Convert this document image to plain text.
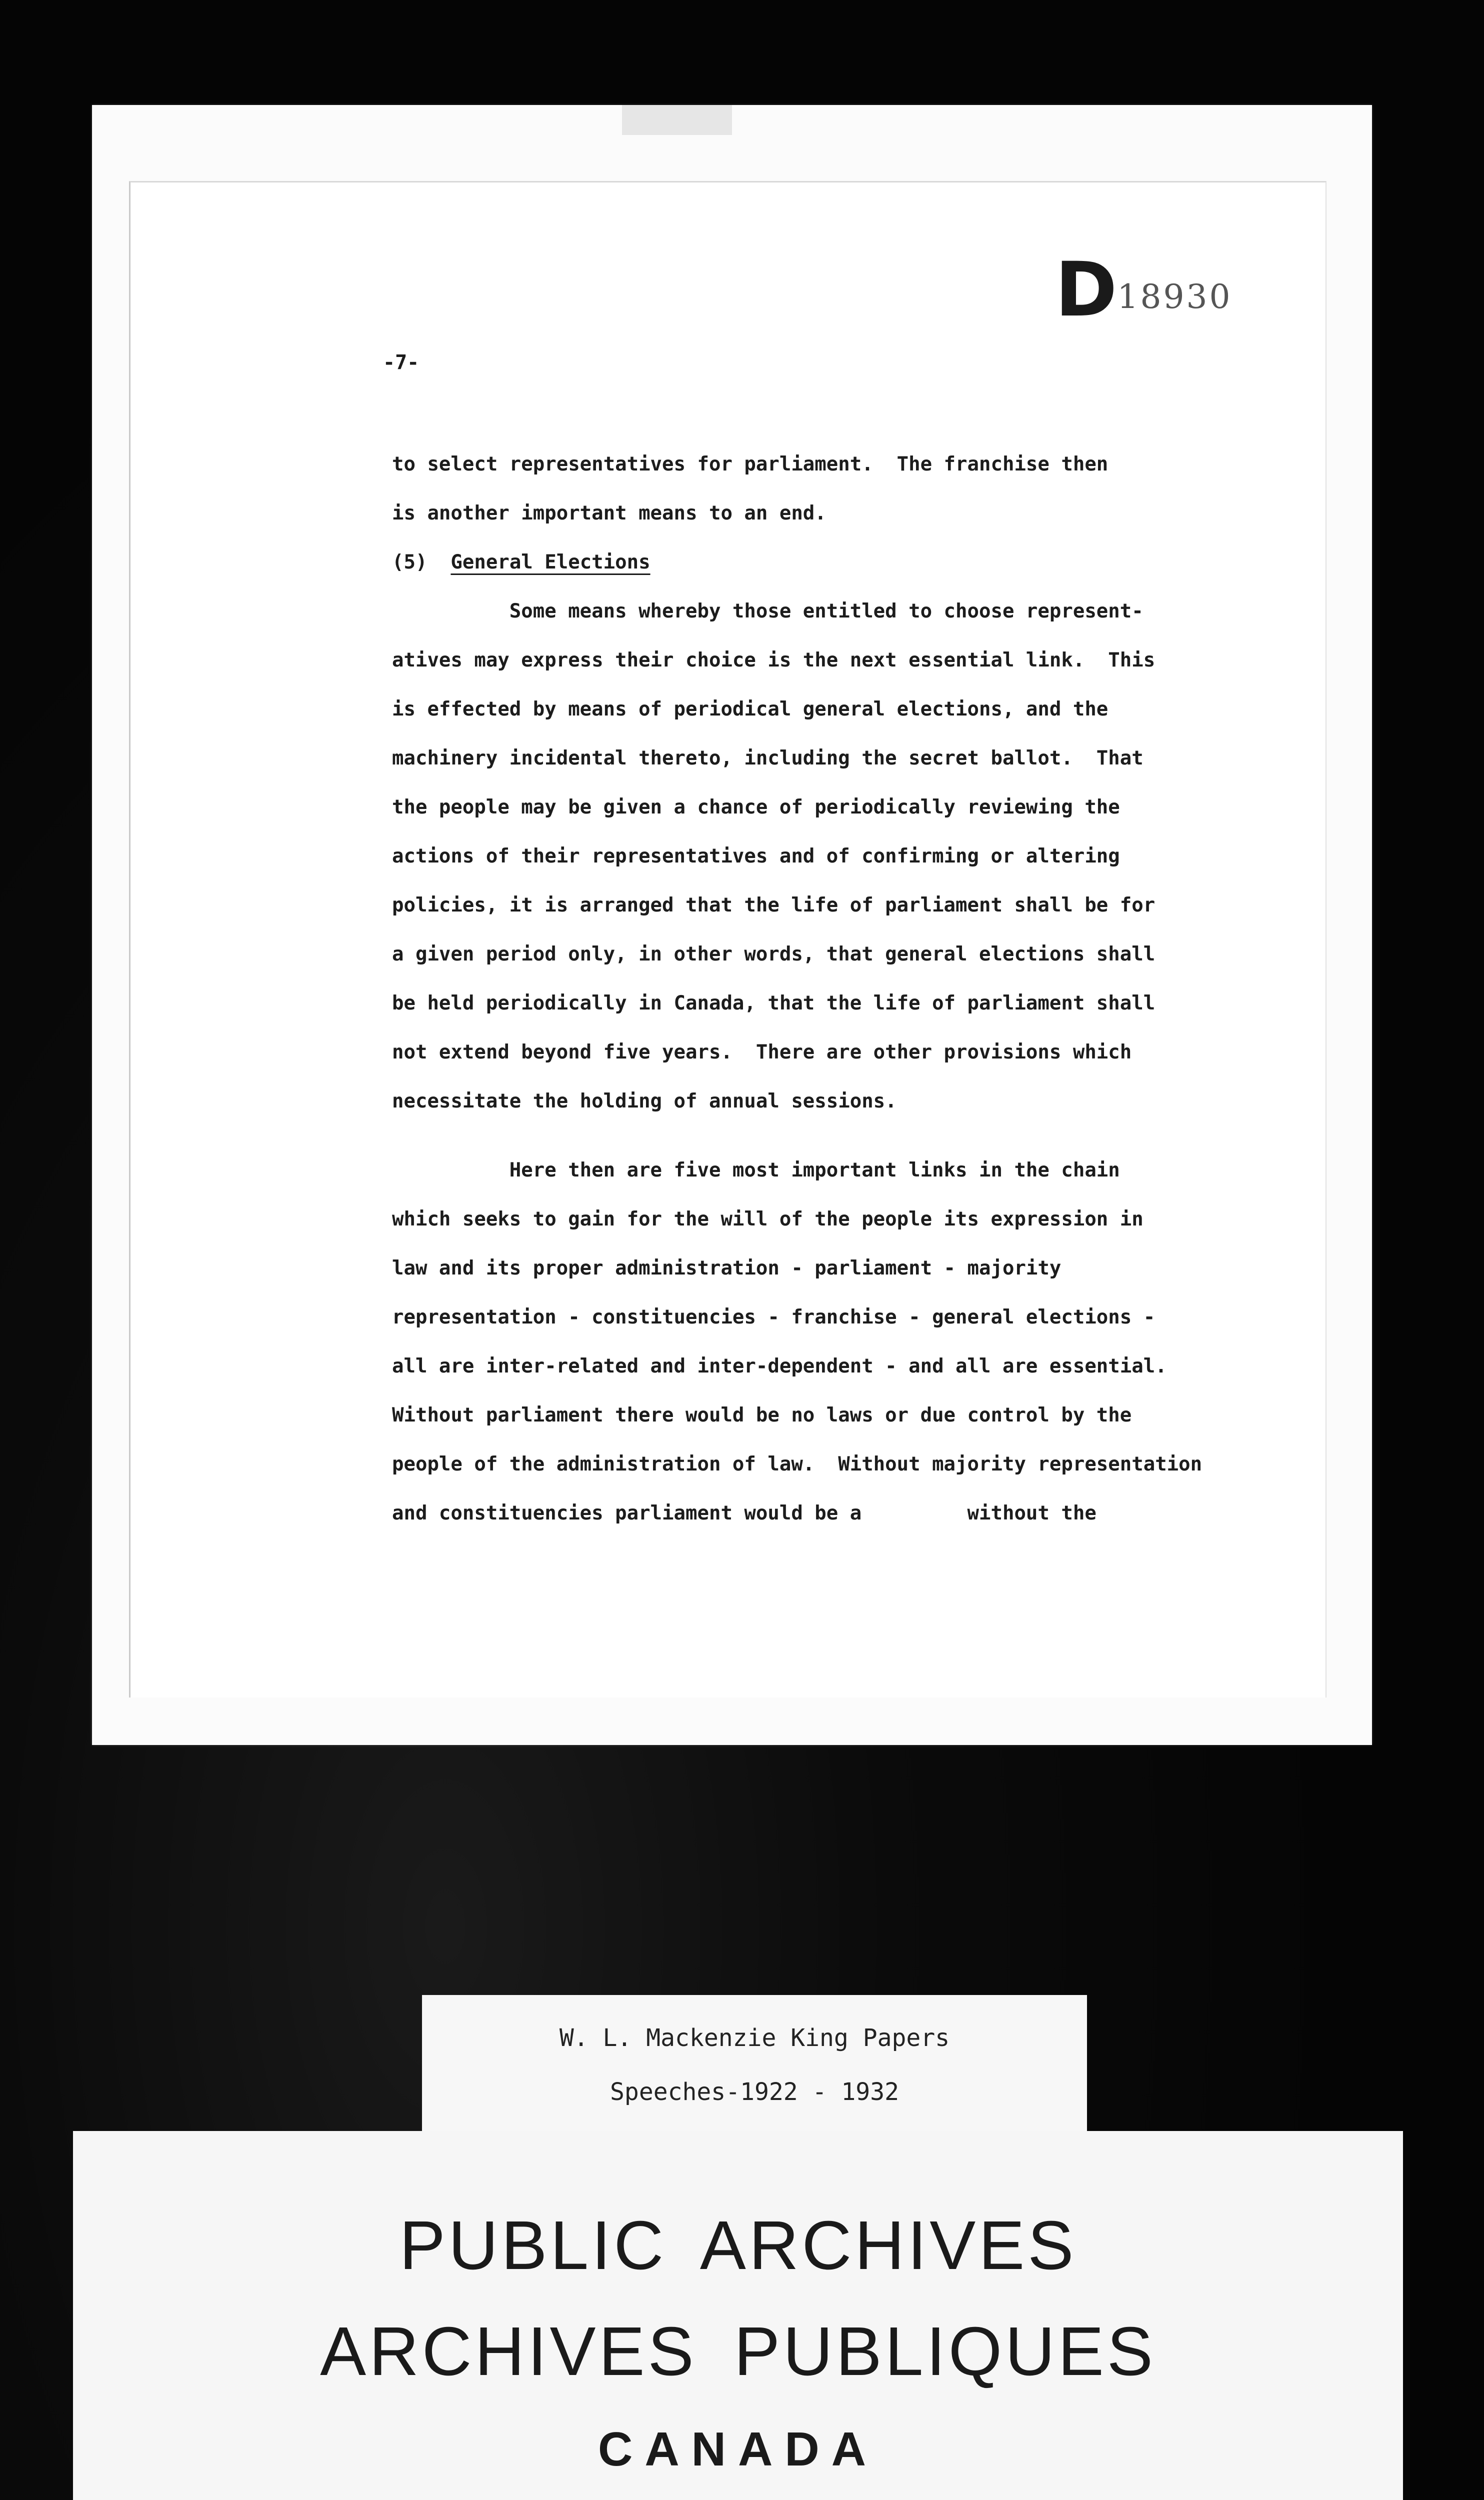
D 18930
-7-
to select representatives for parliament.  The franchise then
is another important means to an end.
(5) General Elections
Some means whereby those entitled to choose represent-
atives may express their choice is the next essential link.  This
is effected by means of periodical general elections, and the
machinery incidental thereto, including the secret ballot.  That
the people may be given a chance of periodically reviewing the
actions of their representatives and of confirming or altering
policies, it is arranged that the life of parliament shall be for
a given period only, in other words, that general elections shall
be held periodically in Canada, that the life of parliament shall
not extend beyond five years.  There are other provisions which
necessitate the holding of annual sessions.
Here then are five most important links in the chain
which seeks to gain for the will of the people its expression in
law and its proper administration - parliament - majority
representation - constituencies - franchise - general elections -
all are inter-related and inter-dependent - and all are essential.
Without parliament there would be no laws or due control by the
people of the administration of law.  Without majority representation
and constituencies parliament would be a         without the
W. L. Mackenzie King Papers
Speeches-1922 - 1932
PUBLIC ARCHIVES
ARCHIVES PUBLIQUES
CANADA
